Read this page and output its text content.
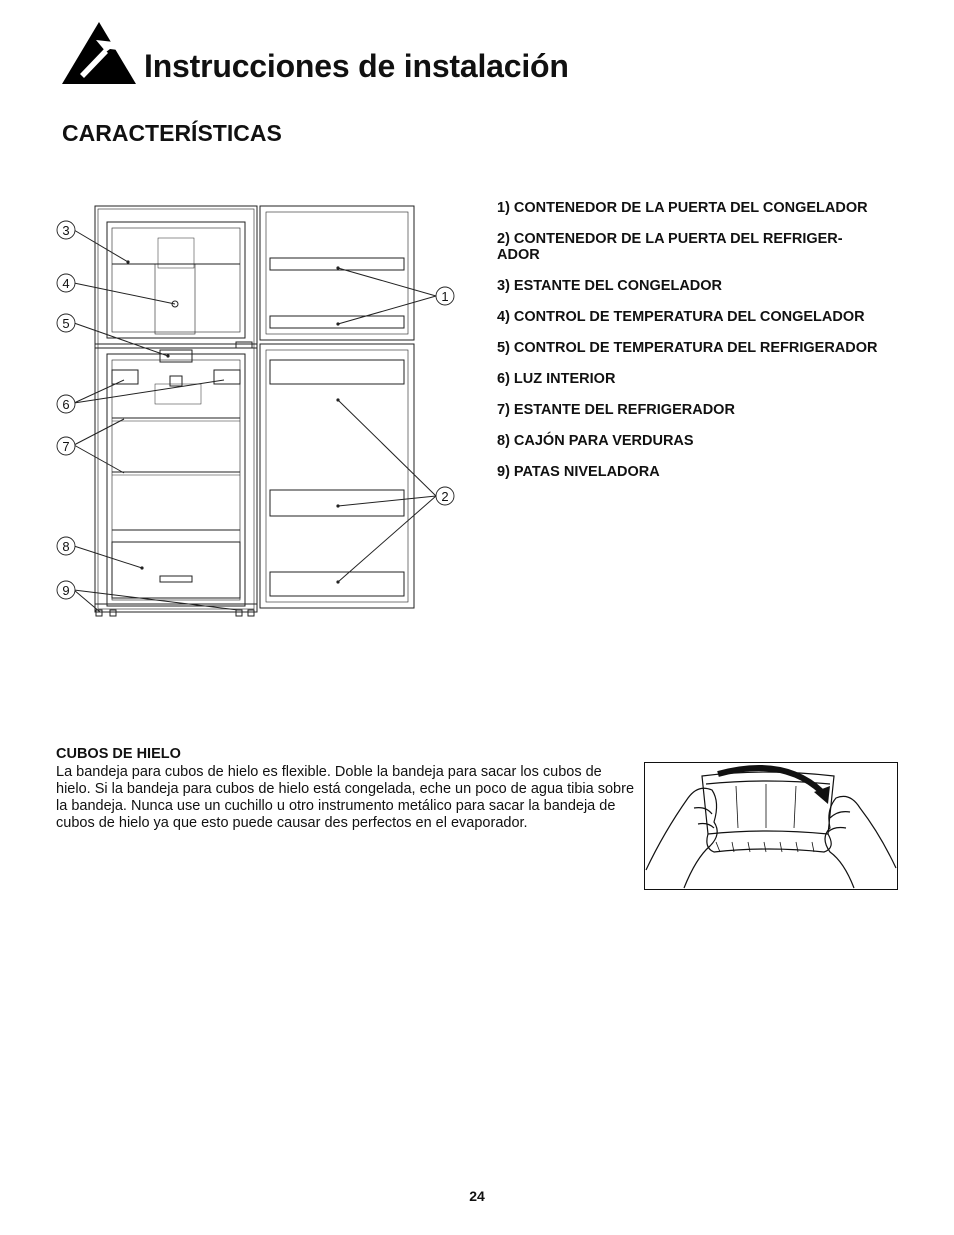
Instrucciones de instalación
CARACTERÍSTICAS
3
4
5
6
7
8
9
1
2
1) CONTENEDOR DE LA PUERTA DEL CONGELADOR
2) CONTENEDOR DE LA PUERTA DEL REFRIGER-
ADOR
3) ESTANTE DEL CONGELADOR
4) CONTROL DE TEMPERATURA DEL CONGELADOR
5) CONTROL DE TEMPERATURA DEL REFRIGERADOR
6) LUZ INTERIOR
7) ESTANTE DEL REFRIGERADOR
8) CAJÓN PARA VERDURAS
9) PATAS NIVELADORA
CUBOS DE HIELO

La bandeja para cubos de hielo es flexible. Doble la bandeja para sacar los cubos de hielo. Si la bandeja para cubos de hielo está congelada, eche un poco de agua tibia sobre la bandeja. Nunca use un cuchillo u otro instrumento metálico para sacar la bandeja de cubos de hielo ya que esto puede causar des perfectos en el evaporador.

24
